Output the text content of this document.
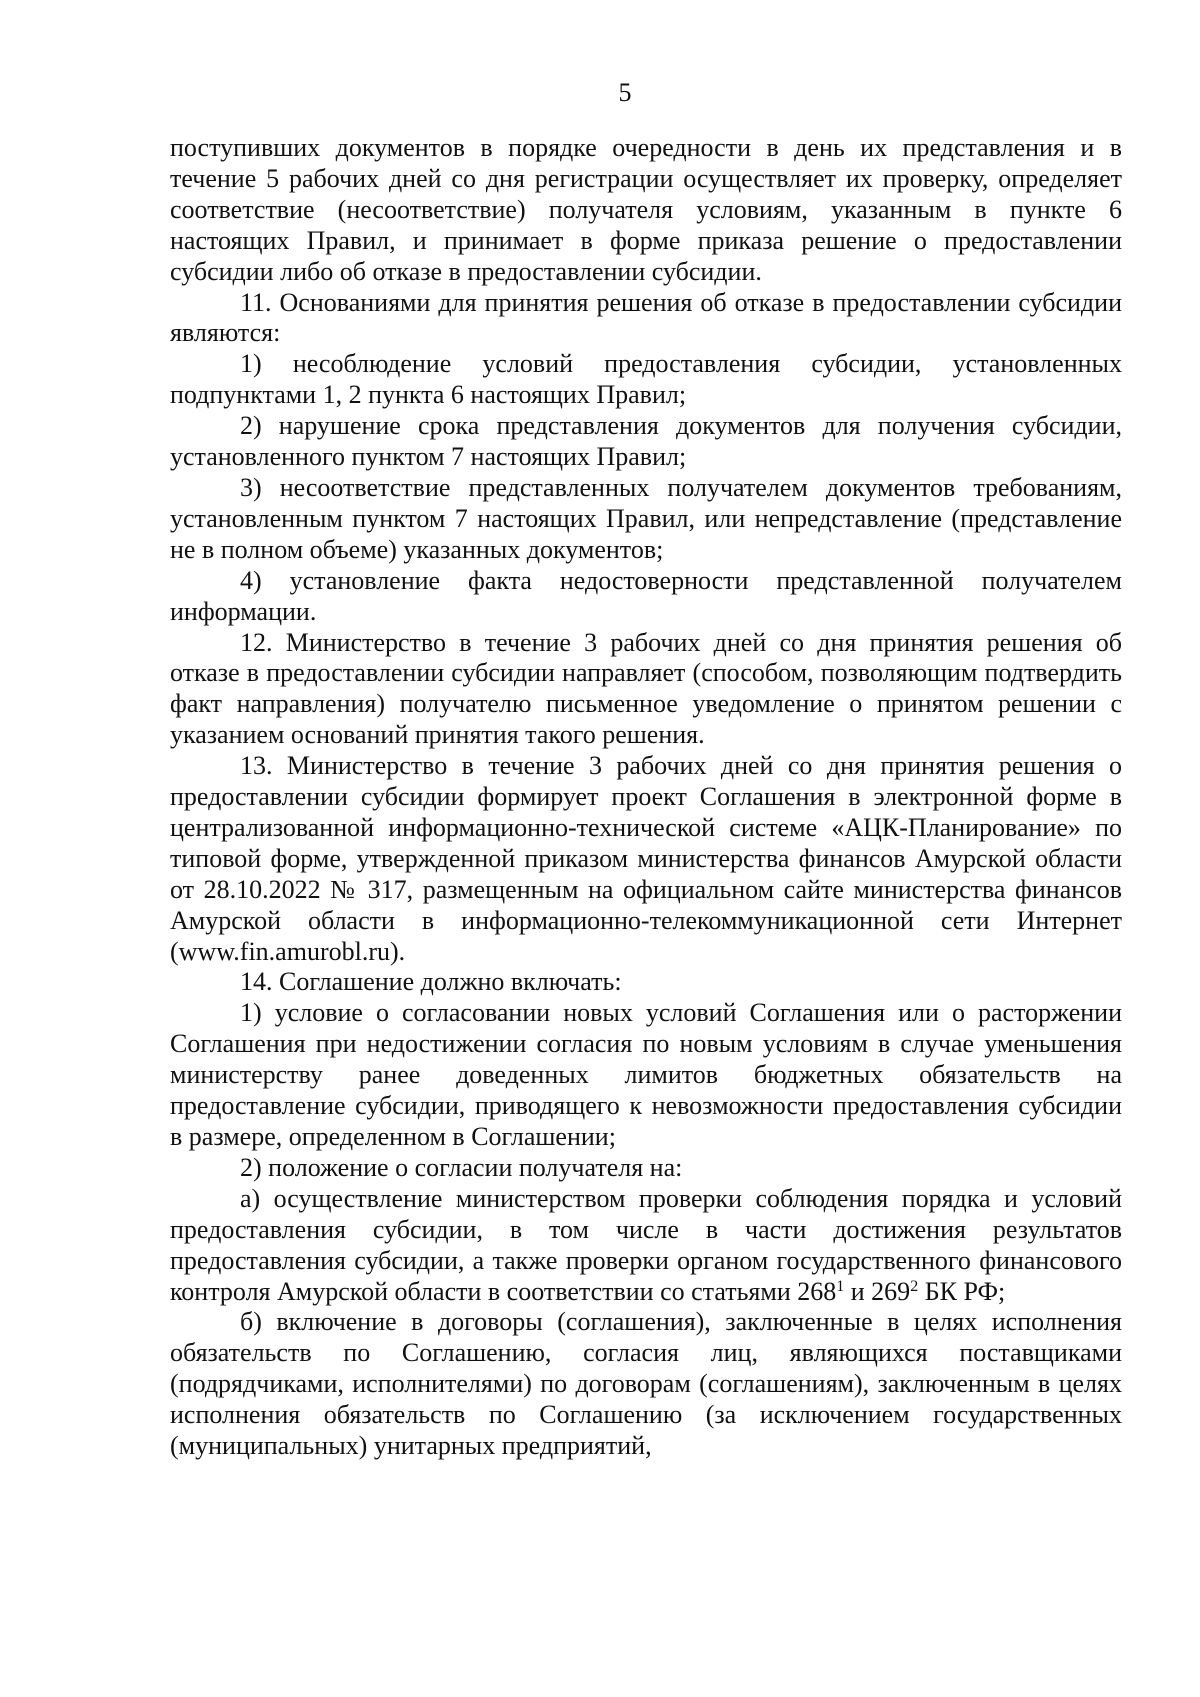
5

поступивших документов в порядке очередности в день их представления и в течение 5 рабочих дней со дня регистрации осуществляет их проверку, определяет соответствие (несоответствие) получателя условиям, указанным в пункте 6 настоящих Правил, и принимает в форме приказа решение о предоставлении субсидии либо об отказе в предоставлении субсидии.

11. Основаниями для принятия решения об отказе в предоставлении субсидии являются:

1) несоблюдение условий предоставления субсидии, установленных подпунктами 1, 2 пункта 6 настоящих Правил;

2) нарушение срока представления документов для получения субсидии, установленного пунктом 7 настоящих Правил;

3) несоответствие представленных получателем документов требованиям, установленным пунктом 7 настоящих Правил, или непредставление (представление не в полном объеме) указанных документов;

4) установление факта недостоверности представленной получателем информации.

12. Министерство в течение 3 рабочих дней со дня принятия решения об отказе в предоставлении субсидии направляет (способом, позволяющим подтвердить факт направления) получателю письменное уведомление о принятом решении с указанием оснований принятия такого решения.

13. Министерство в течение 3 рабочих дней со дня принятия решения о предоставлении субсидии формирует проект Соглашения в электронной форме в централизованной информационно-технической системе «АЦК-Планирование» по типовой форме, утвержденной приказом министерства финансов Амурской области от 28.10.2022 № 317, размещенным на официальном сайте министерства финансов Амурской области в информационно-телекоммуникационной сети Интернет (www.fin.amurobl.ru).

14. Соглашение должно включать:

1) условие о согласовании новых условий Соглашения или о расторжении Соглашения при недостижении согласия по новым условиям в случае уменьшения министерству ранее доведенных лимитов бюджетных обязательств на предоставление субсидии, приводящего к невозможности предоставления субсидии в размере, определенном в Соглашении;

2) положение о согласии получателя на:

а) осуществление министерством проверки соблюдения порядка и условий предоставления субсидии, в том числе в части достижения результатов предоставления субсидии, а также проверки органом государственного финансового контроля Амурской области в соответствии со статьями $268^1$ и $269^2$ БК РФ;

б) включение в договоры (соглашения), заключенные в целях исполнения обязательств по Соглашению, согласия лиц, являющихся поставщиками (подрядчиками, исполнителями) по договорам (соглашениям), заключенным в целях исполнения обязательств по Соглашению (за исключением государственных (муниципальных) унитарных предприятий,
